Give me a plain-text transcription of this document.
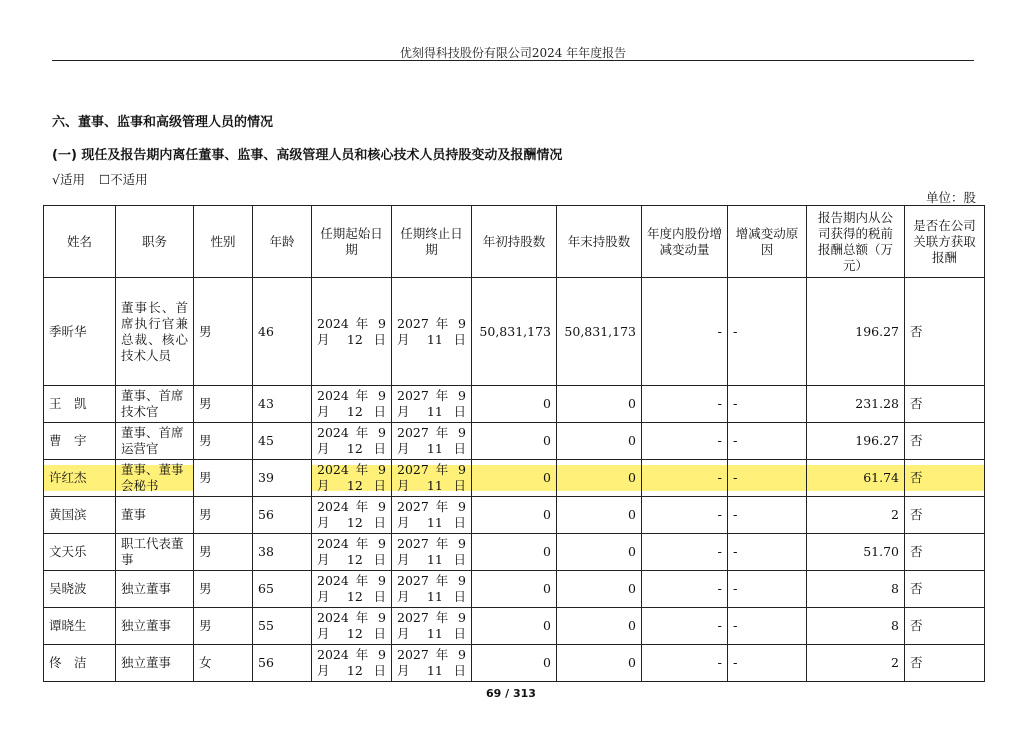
优刻得科技股份有限公司2024 年年度报告
六、董事、监事和高级管理人员的情况
(一) 现任及报告期内离任董事、监事、高级管理人员和核心技术人员持股变动及报酬情况
√适用 ☐不适用
单位：股
姓名	职务	性别	年龄	任期起始日期	任期终止日期	年初持股数	年末持股数	年度内股份增减变动量	增减变动原因	报告期内从公司获得的税前报酬总额（万元）	是否在公司关联方获取报酬
季昕华	董事长、首席执行官兼总裁、核心技术人员	男	46	2024 年 9 月 12 日	2027 年 9 月 11 日	50,831,173	50,831,173	-	-	196.27	否
王　凯	董事、首席技术官	男	43	2024 年 9 月 12 日	2027 年 9 月 11 日	0	0	-	-	231.28	否
曹　宇	董事、首席运营官	男	45	2024 年 9 月 12 日	2027 年 9 月 11 日	0	0	-	-	196.27	否
许红杰	董事、董事会秘书	男	39	2024 年 9 月 12 日	2027 年 9 月 11 日	0	0	-	-	61.74	否
黄国滨	董事	男	56	2024 年 9 月 12 日	2027 年 9 月 11 日	0	0	-	-	2	否
文天乐	职工代表董事	男	38	2024 年 9 月 12 日	2027 年 9 月 11 日	0	0	-	-	51.70	否
吴晓波	独立董事	男	65	2024 年 9 月 12 日	2027 年 9 月 11 日	0	0	-	-	8	否
谭晓生	独立董事	男	55	2024 年 9 月 12 日	2027 年 9 月 11 日	0	0	-	-	8	否
佟　洁	独立董事	女	56	2024 年 9 月 12 日	2027 年 9 月 11 日	0	0	-	-	2	否
69 / 313
